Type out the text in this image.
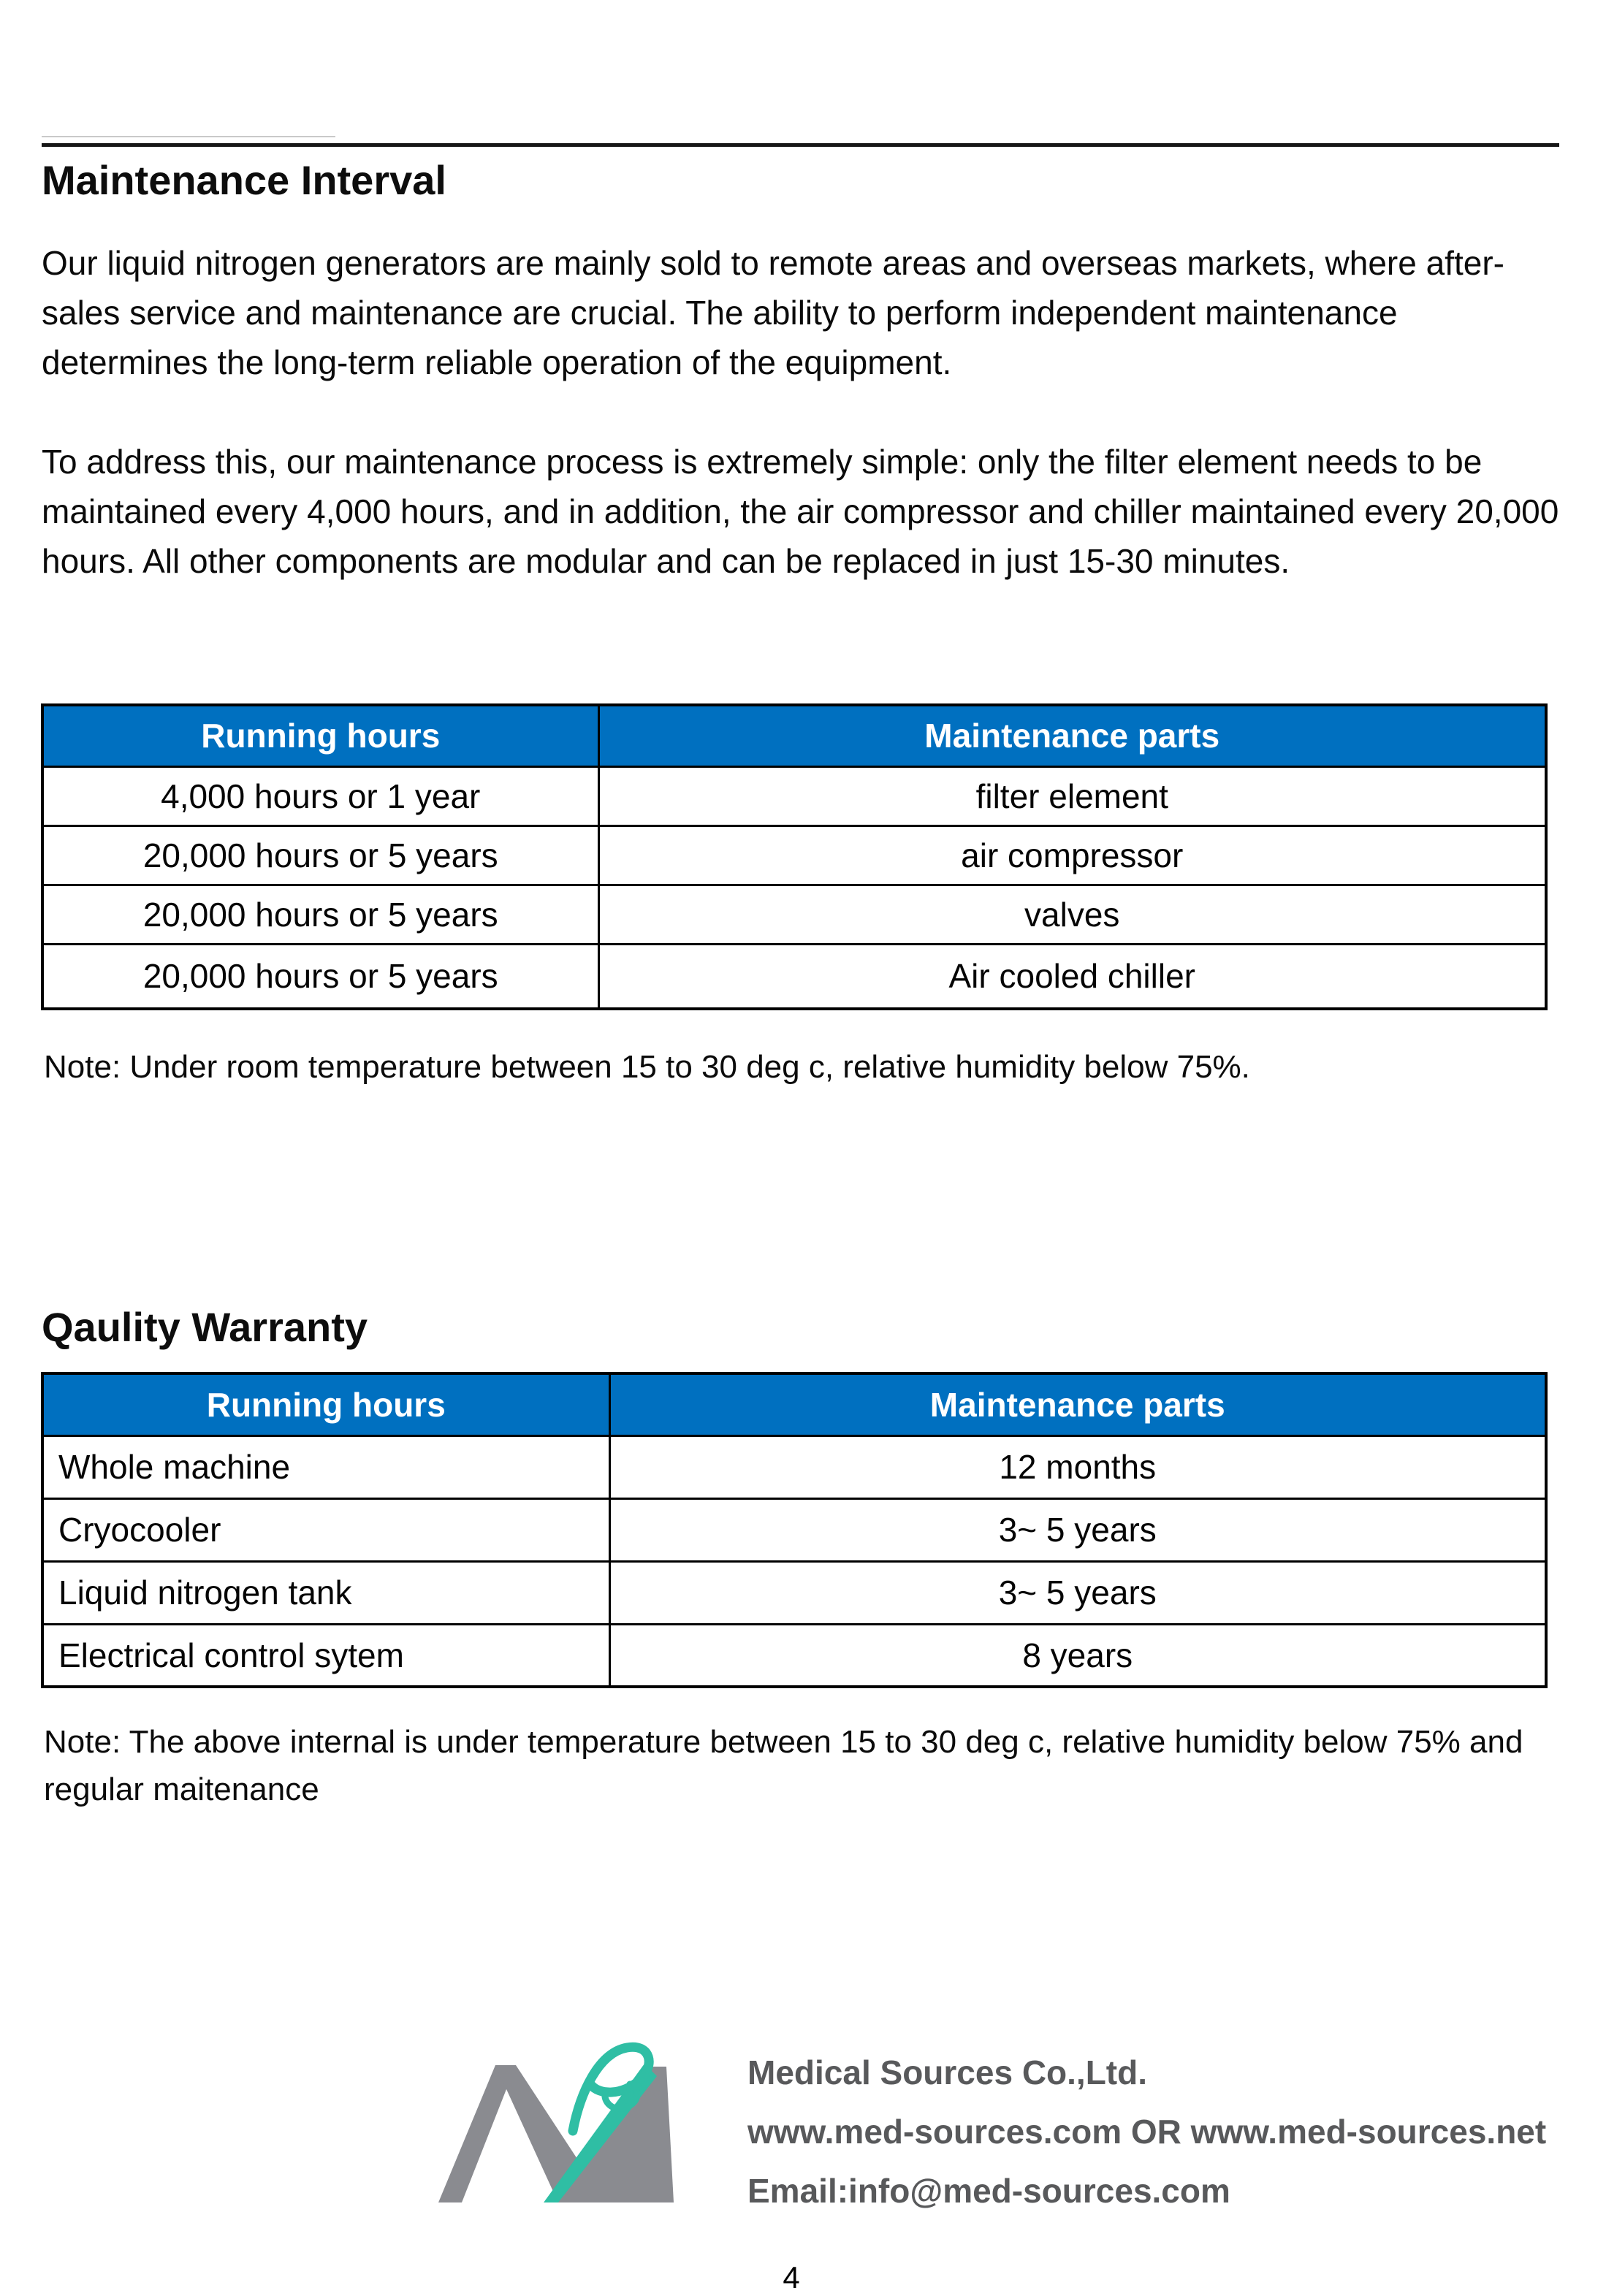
Maintenance Interval

Our liquid nitrogen generators are mainly sold to remote areas and overseas markets, where after-sales service and maintenance are crucial. The ability to perform independent maintenance determines the long-term reliable operation of the equipment.

To address this, our maintenance process is extremely simple: only the filter element needs to be maintained every 4,000 hours, and in addition, the air compressor and chiller maintained every 20,000 hours. All other components are modular and can be replaced in just 15-30 minutes.

Running hours	Maintenance parts
4,000 hours or 1 year	filter element
20,000 hours or 5 years	air compressor
20,000 hours or 5 years	valves
20,000 hours or 5 years	Air cooled chiller

Note: Under room temperature between 15 to 30 deg c, relative humidity below 75%.

Qaulity Warranty
Running hours	Maintenance parts
Whole machine	12 months
Cryocooler	3~ 5 years
Liquid nitrogen tank	3~ 5 years
Electrical control sytem	8 years

Note: The above internal is under temperature between 15 to 30 deg c, relative humidity below 75% and regular maitenance

Medical Sources Co.,Ltd.
www.med-sources.com OR www.med-sources.net
Email:info@med-sources.com
4
